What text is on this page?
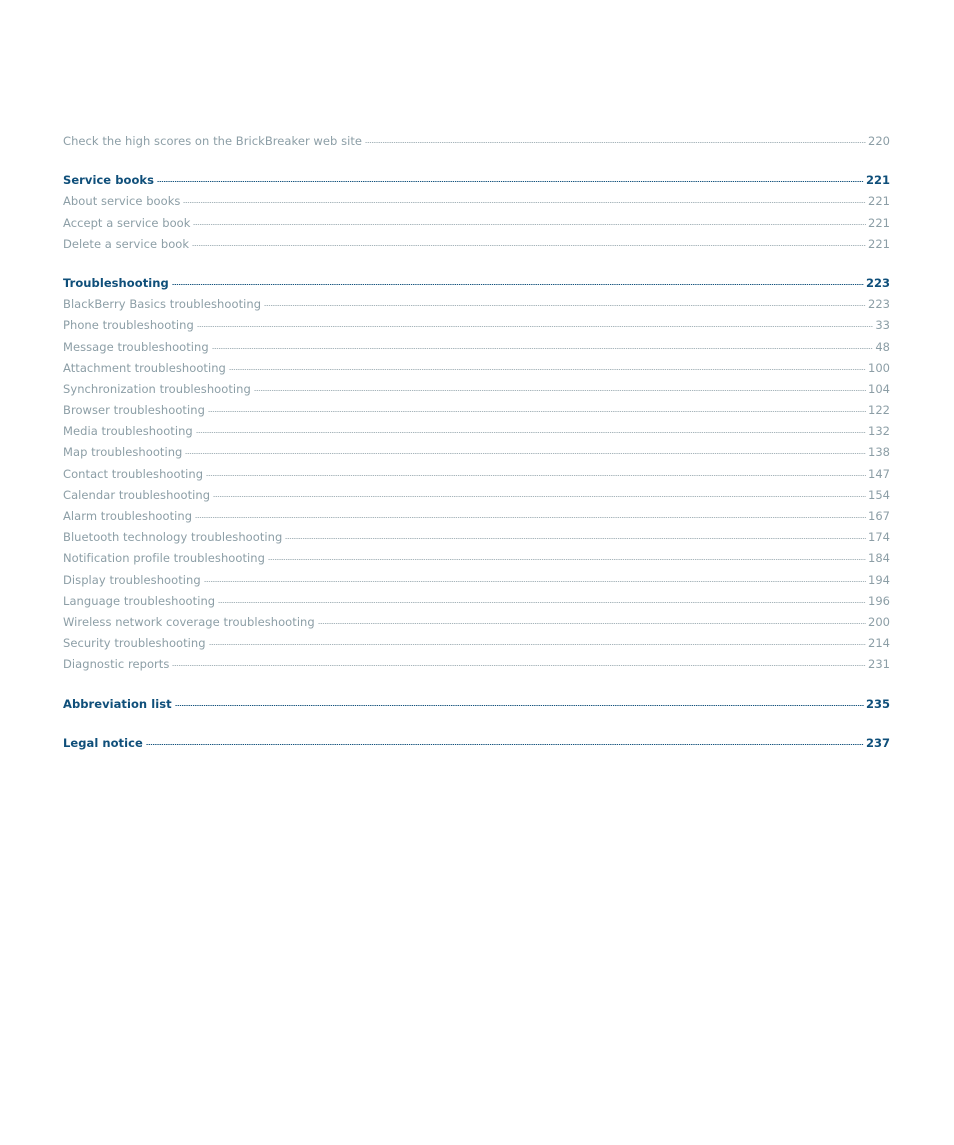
Check the high scores on the BrickBreaker web site	220
Service books	221
About service books	221
Accept a service book	221
Delete a service book	221
Troubleshooting	223
BlackBerry Basics troubleshooting	223
Phone troubleshooting	33
Message troubleshooting	48
Attachment troubleshooting	100
Synchronization troubleshooting	104
Browser troubleshooting	122
Media troubleshooting	132
Map troubleshooting	138
Contact troubleshooting	147
Calendar troubleshooting	154
Alarm troubleshooting	167
Bluetooth technology troubleshooting	174
Notification profile troubleshooting	184
Display troubleshooting	194
Language troubleshooting	196
Wireless network coverage troubleshooting	200
Security troubleshooting	214
Diagnostic reports	231
Abbreviation list	235
Legal notice	237
